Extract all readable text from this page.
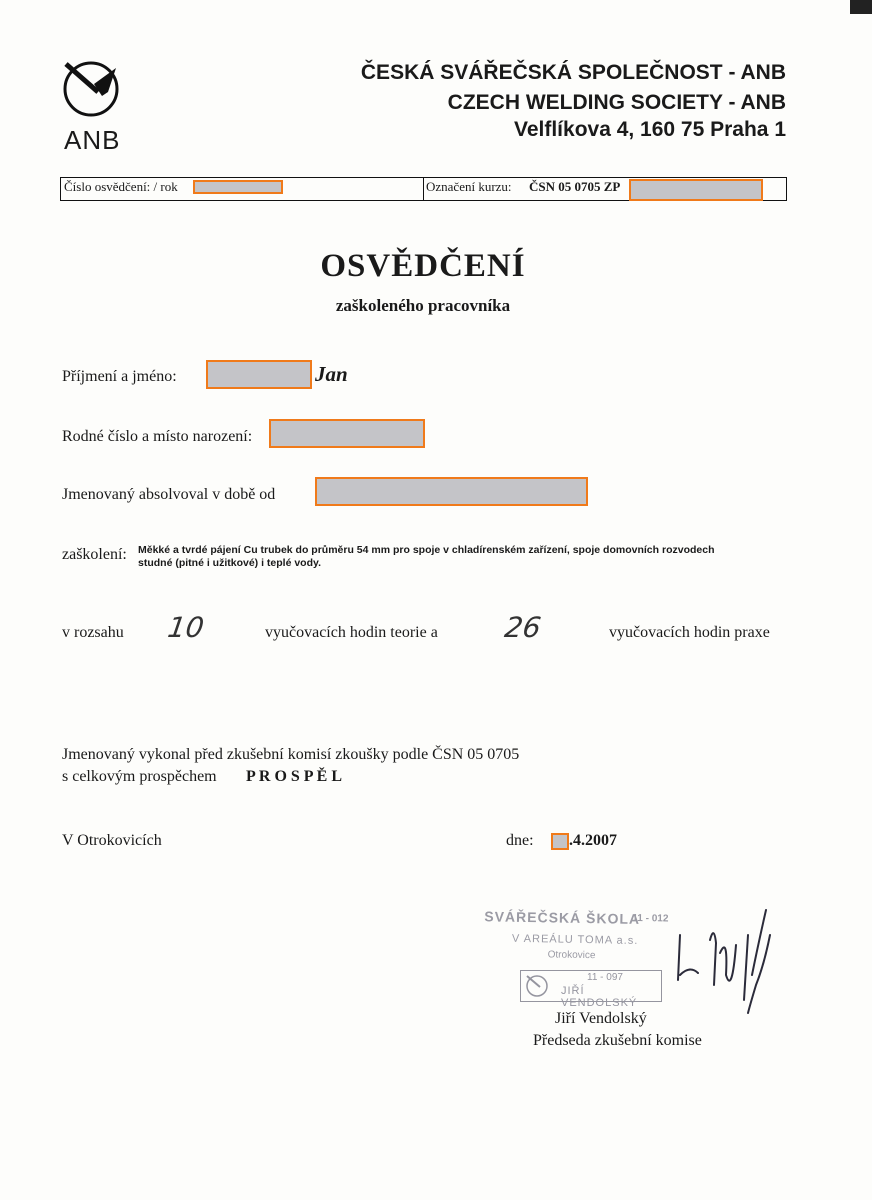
ANB
ČESKÁ SVÁŘEČSKÁ SPOLEČNOST - ANB
CZECH WELDING SOCIETY - ANB
Velflíkova 4, 160 75 Praha 1
Číslo osvědčení: / rok	Označení kurzu: ČSN 05 0705 ZP
OSVĚDČENÍ
zaškoleného pracovníka
Příjmení a jméno:	Jan
Rodné číslo a místo narození:
Jmenovaný absolvoval v době od
zaškolení: Měkké a tvrdé pájení Cu trubek do průměru 54 mm pro spoje v chladírenském zařízení, spoje domovních rozvodech
studné (pitné i užitkové) i teplé vody.
v rozsahu 10	vyučovacích hodin teorie a 26	vyučovacích hodin praxe
Jmenovaný vykonal před zkušební komisí zkoušky podle ČSN 05 0705
s celkovým prospěchem P R O S P Ě L
V Otrokovicích	dne: .4.2007
SVÁŘEČSKÁ ŠKOLA
11 - 012
V AREÁLU TOMA a.s.
Otrokovice
11 - 097
JIŘÍ VENDOLSKÝ
Jiří Vendolský
Předseda zkušební komise
